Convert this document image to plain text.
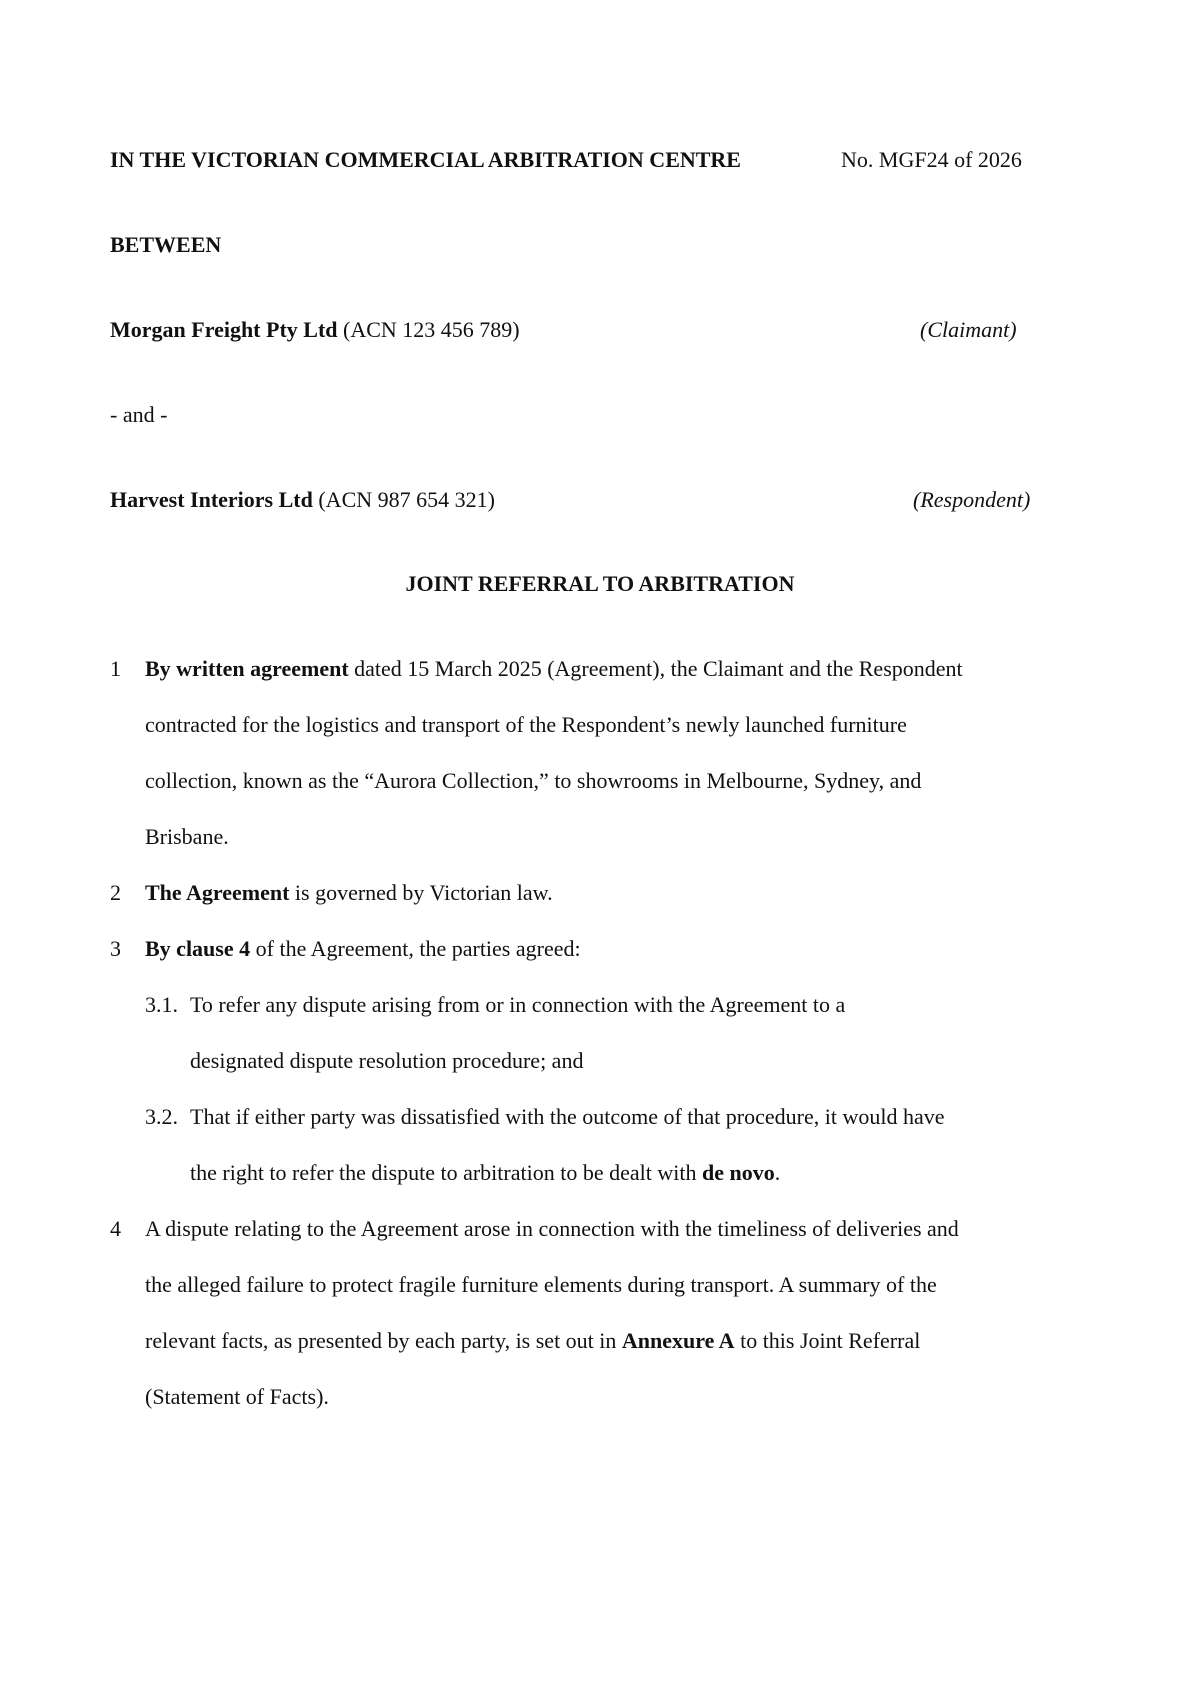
IN THE VICTORIAN COMMERCIAL ARBITRATION CENTRE	No. MGF24 of 2026
BETWEEN
Morgan Freight Pty Ltd (ACN 123 456 789)	(Claimant)
- and -
Harvest Interiors Ltd (ACN 987 654 321)	(Respondent)
JOINT REFERRAL TO ARBITRATION
1 By written agreement dated 15 March 2025 (Agreement), the Claimant and the Respondent
contracted for the logistics and transport of the Respondent’s newly launched furniture
collection, known as the “Aurora Collection,” to showrooms in Melbourne, Sydney, and
Brisbane.
2 The Agreement is governed by Victorian law.
3 By clause 4 of the Agreement, the parties agreed:
3.1. To refer any dispute arising from or in connection with the Agreement to a
designated dispute resolution procedure; and
3.2. That if either party was dissatisfied with the outcome of that procedure, it would have
the right to refer the dispute to arbitration to be dealt with de novo.
4 A dispute relating to the Agreement arose in connection with the timeliness of deliveries and
the alleged failure to protect fragile furniture elements during transport. A summary of the
relevant facts, as presented by each party, is set out in Annexure A to this Joint Referral
(Statement of Facts).
